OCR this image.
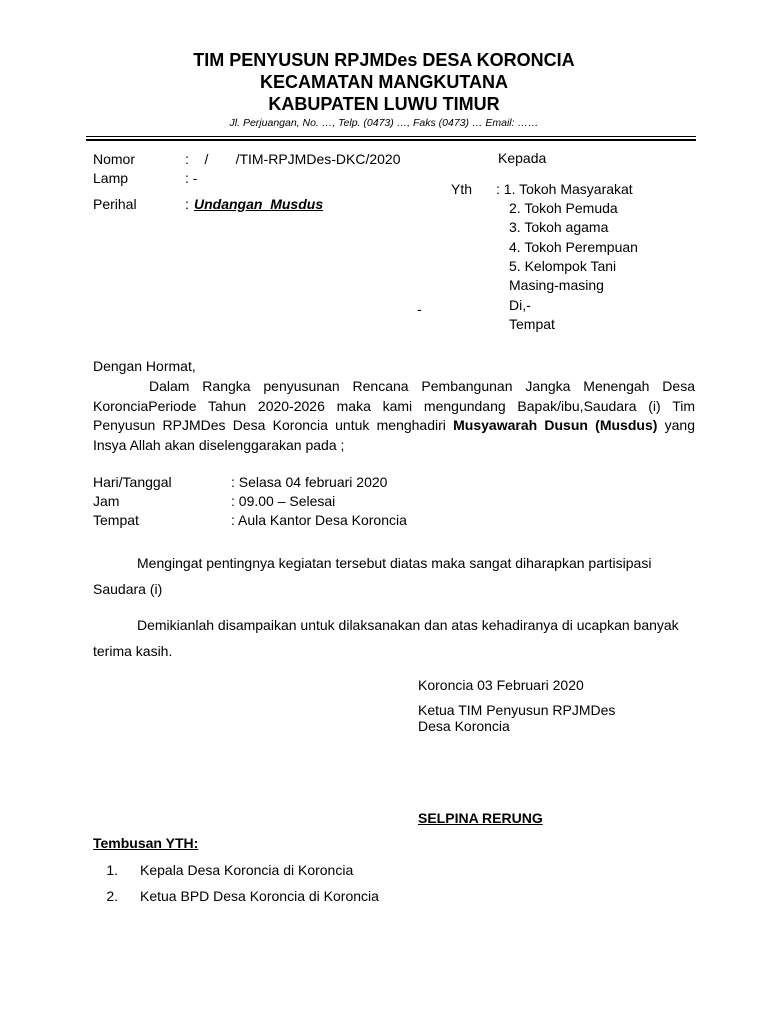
TIM PENYUSUN RPJMDes DESA KORONCIA
KECAMATAN MANGKUTANA
KABUPATEN LUWU TIMUR
Jl. Perjuangan, No. …, Telp. (0473) …, Faks (0473) … Email: ……
Nomor	:    /       /TIM-RPJMDes-DKC/2020
Lamp	: -
Perihal	: Undangan  Musdus
Kepada
Yth : 1. Tokoh Masyarakat
2. Tokoh Pemuda
3. Tokoh agama
4. Tokoh Perempuan
5. Kelompok Tani
Masing-masing
Di,-
Tempat
-
Dengan Hormat,
Dalam Rangka penyusunan Rencana Pembangunan Jangka Menengah Desa KoronciaPeriode Tahun 2020-2026 maka kami mengundang Bapak/ibu,Saudara (i) Tim Penyusun RPJMDes Desa Koroncia untuk menghadiri Musyawarah Dusun (Musdus) yang Insya Allah akan diselenggarakan pada ;
Hari/Tanggal	: Selasa 04 februari 2020
Jam	: 09.00 – Selesai
Tempat	: Aula Kantor Desa Koroncia
Mengingat pentingnya kegiatan tersebut diatas maka sangat diharapkan partisipasi Saudara (i)
Demikianlah disampaikan untuk dilaksanakan dan atas kehadiranya di ucapkan banyak terima kasih.
Koroncia 03 Februari 2020
Ketua TIM Penyusun RPJMDes
Desa Koroncia
SELPINA RERUNG
Tembusan YTH:
1. Kepala Desa Koroncia di Koroncia
2. Ketua BPD Desa Koroncia di Koroncia
